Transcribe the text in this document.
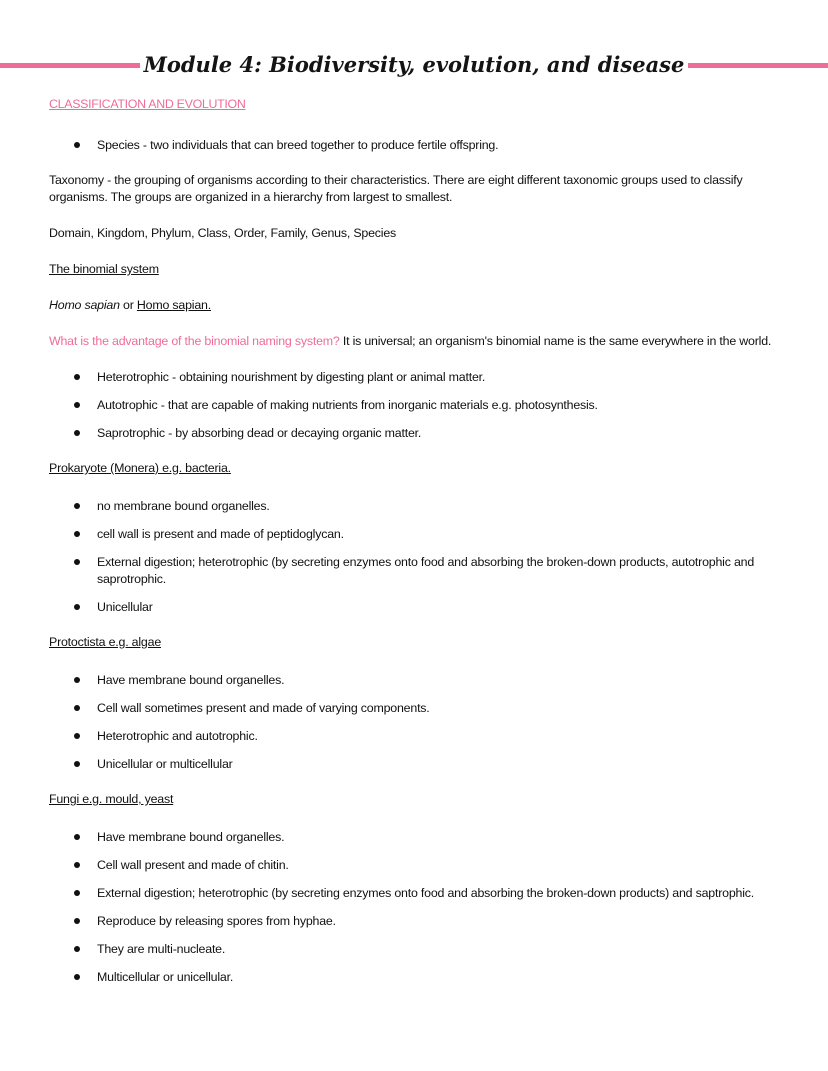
Module 4: Biodiversity, evolution, and disease

CLASSIFICATION AND EVOLUTION

Species - two individuals that can breed together to produce fertile offspring.

Taxonomy - the grouping of organisms according to their characteristics. There are eight different taxonomic groups used to classify organisms. The groups are organized in a hierarchy from largest to smallest.

Domain, Kingdom, Phylum, Class, Order, Family, Genus, Species

The binomial system

Homo sapian or Homo sapian.

What is the advantage of the binomial naming system? It is universal; an organism's binomial name is the same everywhere in the world.

Heterotrophic - obtaining nourishment by digesting plant or animal matter.
Autotrophic - that are capable of making nutrients from inorganic materials e.g. photosynthesis.
Saprotrophic - by absorbing dead or decaying organic matter.

Prokaryote (Monera) e.g. bacteria.

no membrane bound organelles.
cell wall is present and made of peptidoglycan.
External digestion; heterotrophic (by secreting enzymes onto food and absorbing the broken-down products, autotrophic and saprotrophic.
Unicellular

Protoctista e.g. algae

Have membrane bound organelles.
Cell wall sometimes present and made of varying components.
Heterotrophic and autotrophic.
Unicellular or multicellular

Fungi e.g. mould, yeast

Have membrane bound organelles.
Cell wall present and made of chitin.
External digestion; heterotrophic (by secreting enzymes onto food and absorbing the broken-down products) and saptrophic.
Reproduce by releasing spores from hyphae.
They are multi-nucleate.
Multicellular or unicellular.
